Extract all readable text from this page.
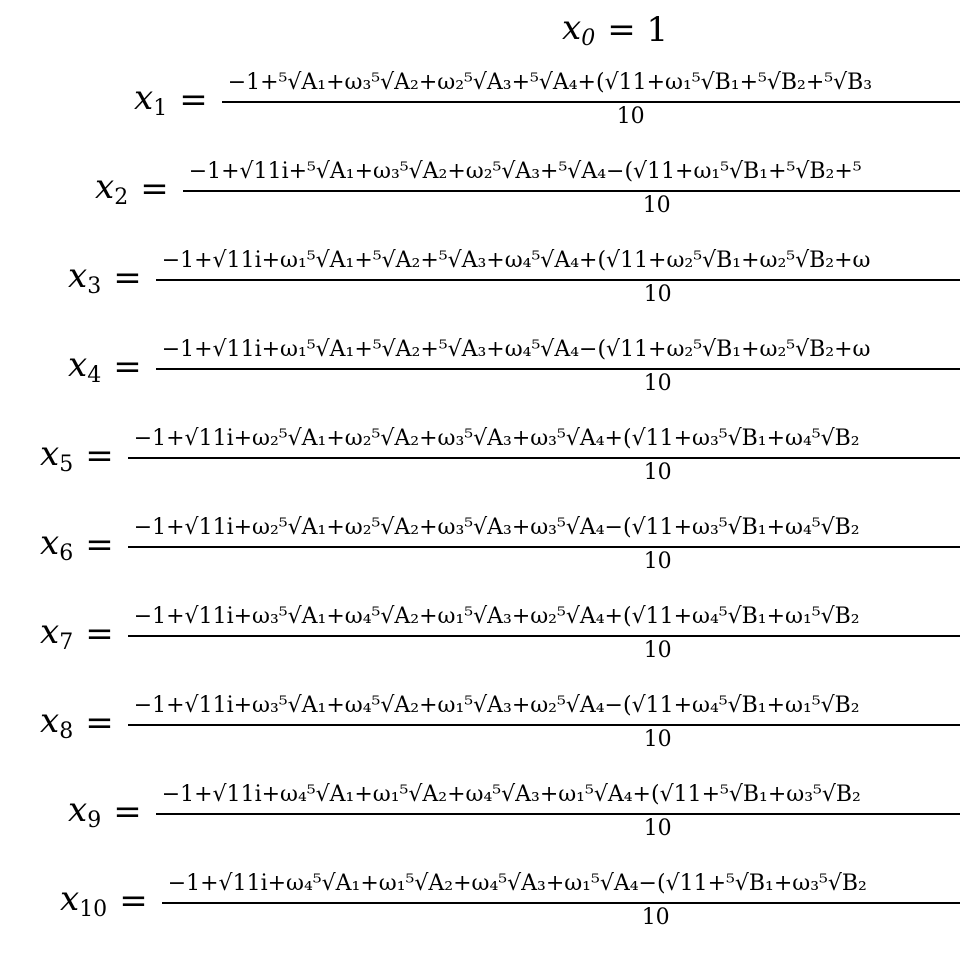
$x_0 = 1$
$x_1 = \frac{\text{−1+⁵√A₁+ω₃⁵√A₂+ω₂⁵√A₃+⁵√A₄+(√11+ω₁⁵√B₁+⁵√B₂+⁵√B₃}}{10}$
$x_2 = \frac{\text{−1+√11i+⁵√A₁+ω₃⁵√A₂+ω₂⁵√A₃+⁵√A₄−(√11+ω₁⁵√B₁+⁵√B₂+⁵}}{10}$
$x_3 = \frac{\text{−1+√11i+ω₁⁵√A₁+⁵√A₂+⁵√A₃+ω₄⁵√A₄+(√11+ω₂⁵√B₁+ω₂⁵√B₂+ω}}{10}$
$x_4 = \frac{\text{−1+√11i+ω₁⁵√A₁+⁵√A₂+⁵√A₃+ω₄⁵√A₄−(√11+ω₂⁵√B₁+ω₂⁵√B₂+ω}}{10}$
$x_5 = \frac{\text{−1+√11i+ω₂⁵√A₁+ω₂⁵√A₂+ω₃⁵√A₃+ω₃⁵√A₄+(√11+ω₃⁵√B₁+ω₄⁵√B₂}}{10}$
$x_6 = \frac{\text{−1+√11i+ω₂⁵√A₁+ω₂⁵√A₂+ω₃⁵√A₃+ω₃⁵√A₄−(√11+ω₃⁵√B₁+ω₄⁵√B₂}}{10}$
$x_7 = \frac{\text{−1+√11i+ω₃⁵√A₁+ω₄⁵√A₂+ω₁⁵√A₃+ω₂⁵√A₄+(√11+ω₄⁵√B₁+ω₁⁵√B₂}}{10}$
$x_8 = \frac{\text{−1+√11i+ω₃⁵√A₁+ω₄⁵√A₂+ω₁⁵√A₃+ω₂⁵√A₄−(√11+ω₄⁵√B₁+ω₁⁵√B₂}}{10}$
$x_9 = \frac{\text{−1+√11i+ω₄⁵√A₁+ω₁⁵√A₂+ω₄⁵√A₃+ω₁⁵√A₄+(√11+⁵√B₁+ω₃⁵√B₂}}{10}$
$x_{10} = \frac{\text{−1+√11i+ω₄⁵√A₁+ω₁⁵√A₂+ω₄⁵√A₃+ω₁⁵√A₄−(√11+⁵√B₁+ω₃⁵√B₂}}{10}$
